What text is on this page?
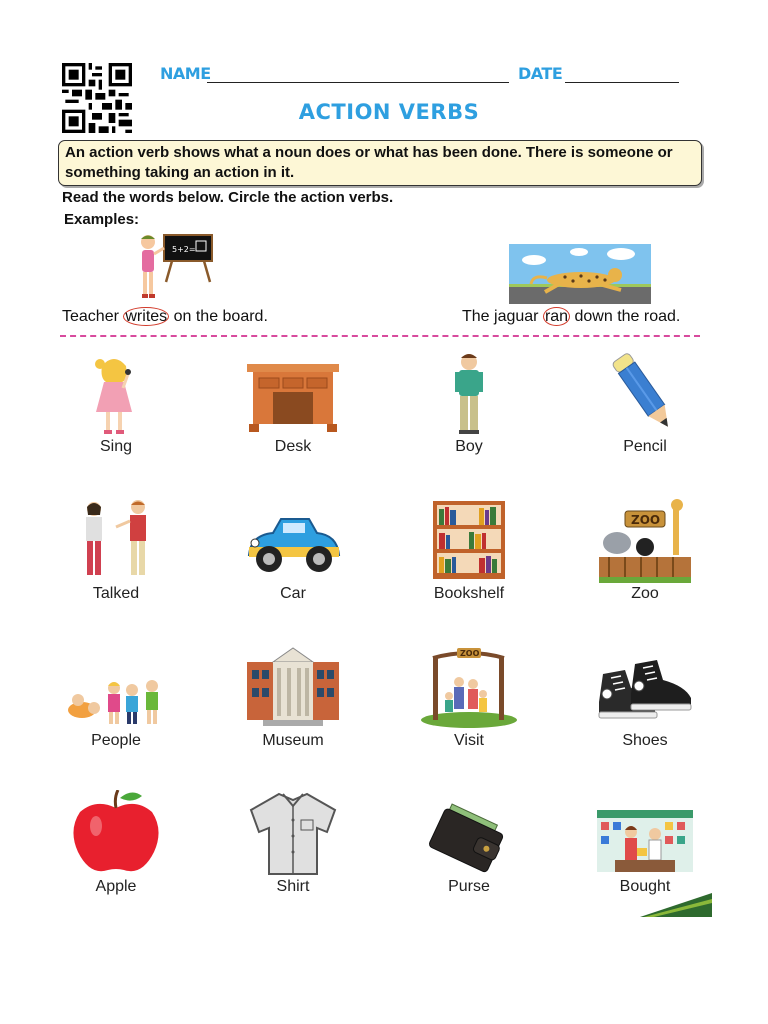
NAME	DATE
ACTION VERBS
An action verb shows what a noun does or what has been done. There is someone or something taking an action in it.
Read the words below. Circle the action verbs.
Examples:
5+2=
Teacher writes on the board.	The jaguar ran down the road.
Sing	Desk	Boy	Pencil
Talked	Car	Bookshelf
ZOO
Zoo
People	Museum
ZOO
Visit	Shoes
Apple	Shirt	Purse	Bought
